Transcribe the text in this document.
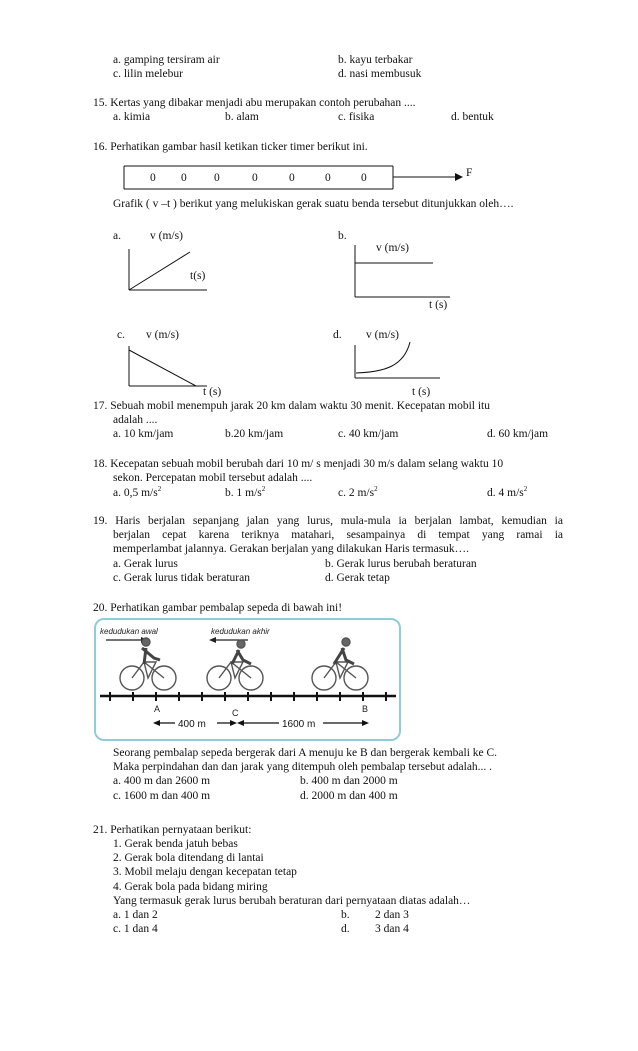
a. gamping tersiram air	b. kayu terbakar
c. lilin melebur	d. nasi membusuk
15. Kertas yang dibakar menjadi abu merupakan contoh perubahan ....
a. kimia	b. alam	c. fisika	d. bentuk
16. Perhatikan gambar hasil ketikan ticker timer berikut ini.
0 0 0	0	0	0	0	F
Grafik ( v –t ) berikut yang melukiskan gerak suatu benda tersebut ditunjukkan oleh….
a.	v (m/s)
t(s)
b.
v (m/s)
t (s)
c. v (m/s)
t (s)
d. v (m/s)
t (s)
17. Sebuah mobil menempuh jarak 20 km dalam waktu 30 menit. Kecepatan mobil itu
adalah ....
a. 10 km/jam	b.20 km/jam	c. 40 km/jam	d. 60 km/jam
18. Kecepatan sebuah mobil berubah dari 10 m/ s menjadi 30 m/s dalam selang waktu 10
sekon. Percepatan mobil tersebut adalah ....
a. 0,5 $m/s^2$	b. 1 $m/s^2$	c. 2 $m/s^2$	d. 4 $m/s^2$
19. Haris berjalan sepanjang jalan yang lurus, mula-mula ia berjalan lambat, kemudian ia
berjalan cepat karena teriknya matahari, sesampainya di tempat yang ramai ia
memperlambat jalannya. Gerakan berjalan yang dilakukan Haris termasuk….
a. Gerak lurus	b. Gerak lurus berubah beraturan
c. Gerak lurus tidak beraturan	d. Gerak tetap
20. Perhatikan gambar pembalap sepeda di bawah ini!
kedudukan awal	kedudukan akhir
A	C	B
400 m	1600 m
Seorang pembalap sepeda bergerak dari A menuju ke B dan bergerak kembali ke C.
Maka perpindahan dan dan jarak yang ditempuh oleh pembalap tersebut adalah... .
a. 400 m dan 2600 m	b. 400 m dan 2000 m
c. 1600 m dan 400 m	d. 2000 m dan 400 m
21. Perhatikan pernyataan berikut:
1. Gerak benda jatuh bebas
2. Gerak bola ditendang di lantai
3. Mobil melaju dengan kecepatan tetap
4. Gerak bola pada bidang miring
Yang termasuk gerak lurus berubah beraturan dari pernyataan diatas adalah…
a. 1 dan 2	b. 2 dan 3
c. 1 dan 4	d. 3 dan 4
